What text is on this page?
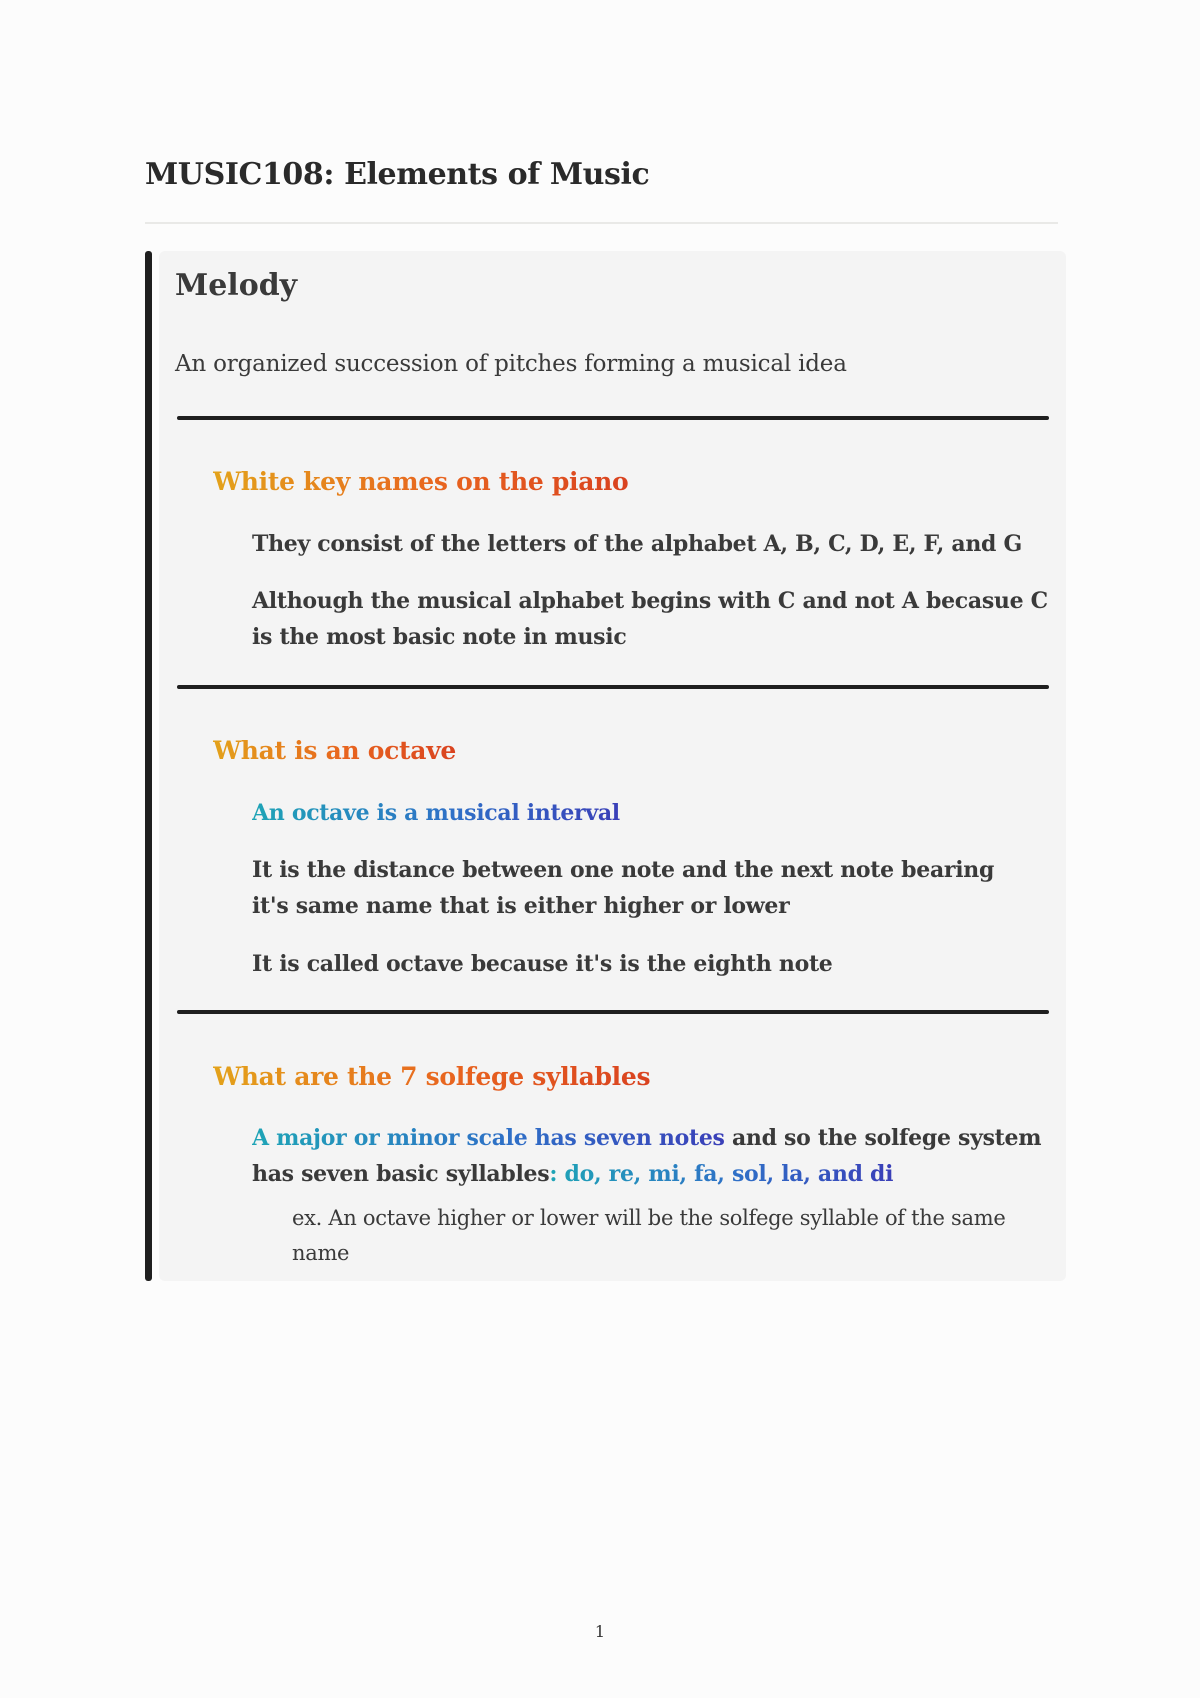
MUSIC108: Elements of Music
Melody
An organized succession of pitches forming a musical idea
White key names on the piano
They consist of the letters of the alphabet A, B, C, D, E, F, and G
Although the musical alphabet begins with C and not A becasue C is the most basic note in music
What is an octave
An octave is a musical interval
It is the distance between one note and the next note bearing it's same name that is either higher or lower
It is called octave because it's is the eighth note
What are the 7 solfege syllables
A major or minor scale has seven notes and so the solfege system has seven basic syllables: do, re, mi, fa, sol, la, and di
ex. An octave higher or lower will be the solfege syllable of the same name
1
